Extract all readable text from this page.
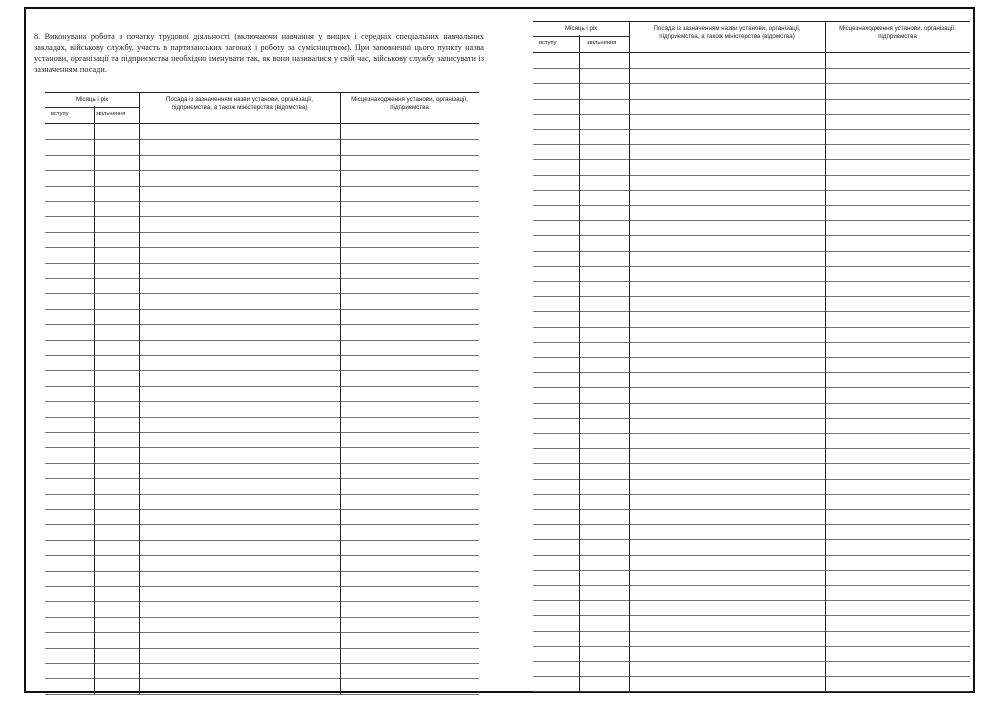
8. Виконувана робота з початку трудової діяльності (включаючи навчання у вищих і середніх спеціальних навчальних закладах, військову службу, участь в партизанських загонах і роботу за сумісництвом). При заповненні цього пункту назва установи, організації та підприємства необхідно іменувати так, як вони називалися у свій час, військову службу записувати із зазначенням посади.
Місяць і рік
вступу	звільнення
Посада із зазначенням назви установи, організації, підприємства, а також міністерства (відомства)
Місцезнаходження установи, організації, підприємства
Місяць і рік
вступу	звільнення
Посада із зазначенням назви установи, організації, підприємства, а також міністерства (відомства)
Місцезнаходження установи, організації, підприємства
